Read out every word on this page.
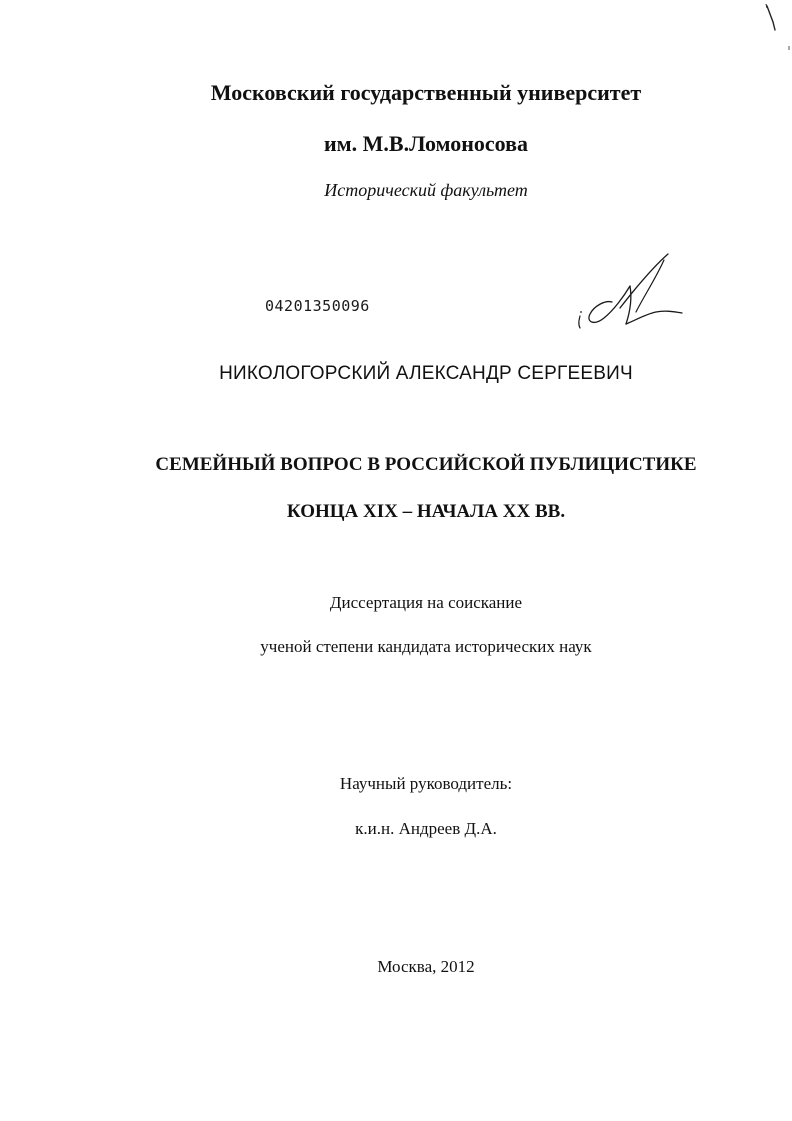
Московский государственный университет
им. М.В.Ломоносова
Исторический факультет
04201350096
НИКОЛОГОРСКИЙ АЛЕКСАНДР СЕРГЕЕВИЧ
СЕМЕЙНЫЙ ВОПРОС В РОССИЙСКОЙ ПУБЛИЦИСТИКЕ
КОНЦА XIX – НАЧАЛА XX ВВ.
Диссертация на соискание
ученой степени кандидата исторических наук
Научный руководитель:
к.и.н. Андреев Д.А.
Москва, 2012
